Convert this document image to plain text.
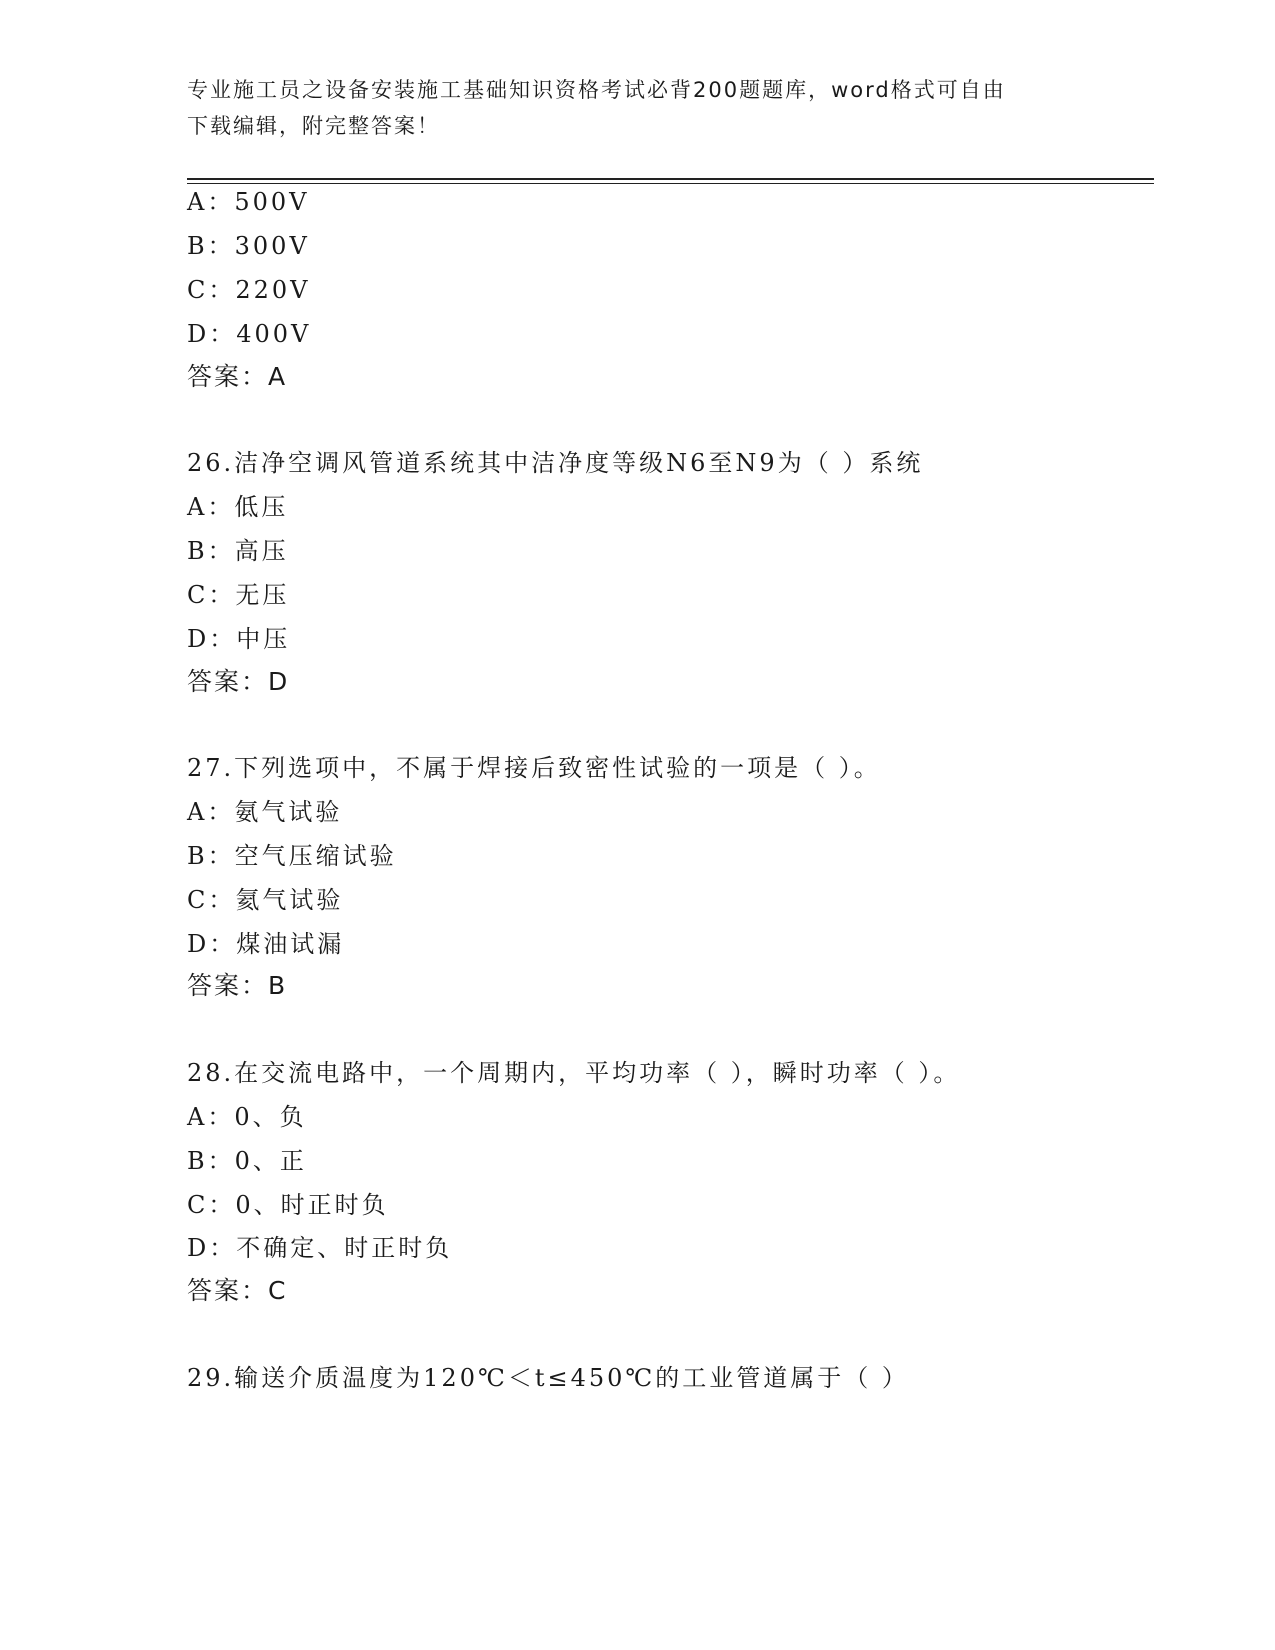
专业施工员之设备安装施工基础知识资格考试必背200题题库，word格式可自由
下载编辑，附完整答案！
A：500V
B：300V
C：220V
D：400V
答案：A
26.洁净空调风管道系统其中洁净度等级N6至N9为（ ）系统
A：低压
B：高压
C：无压
D：中压
答案：D
27.下列选项中，不属于焊接后致密性试验的一项是（ ）。
A：氨气试验
B：空气压缩试验
C：氦气试验
D：煤油试漏
答案：B
28.在交流电路中，一个周期内，平均功率（ ），瞬时功率（ ）。
A：0、负
B：0、正
C：0、时正时负
D：不确定、时正时负
答案：C
29.输送介质温度为120℃＜t≤450℃的工业管道属于（ ）
